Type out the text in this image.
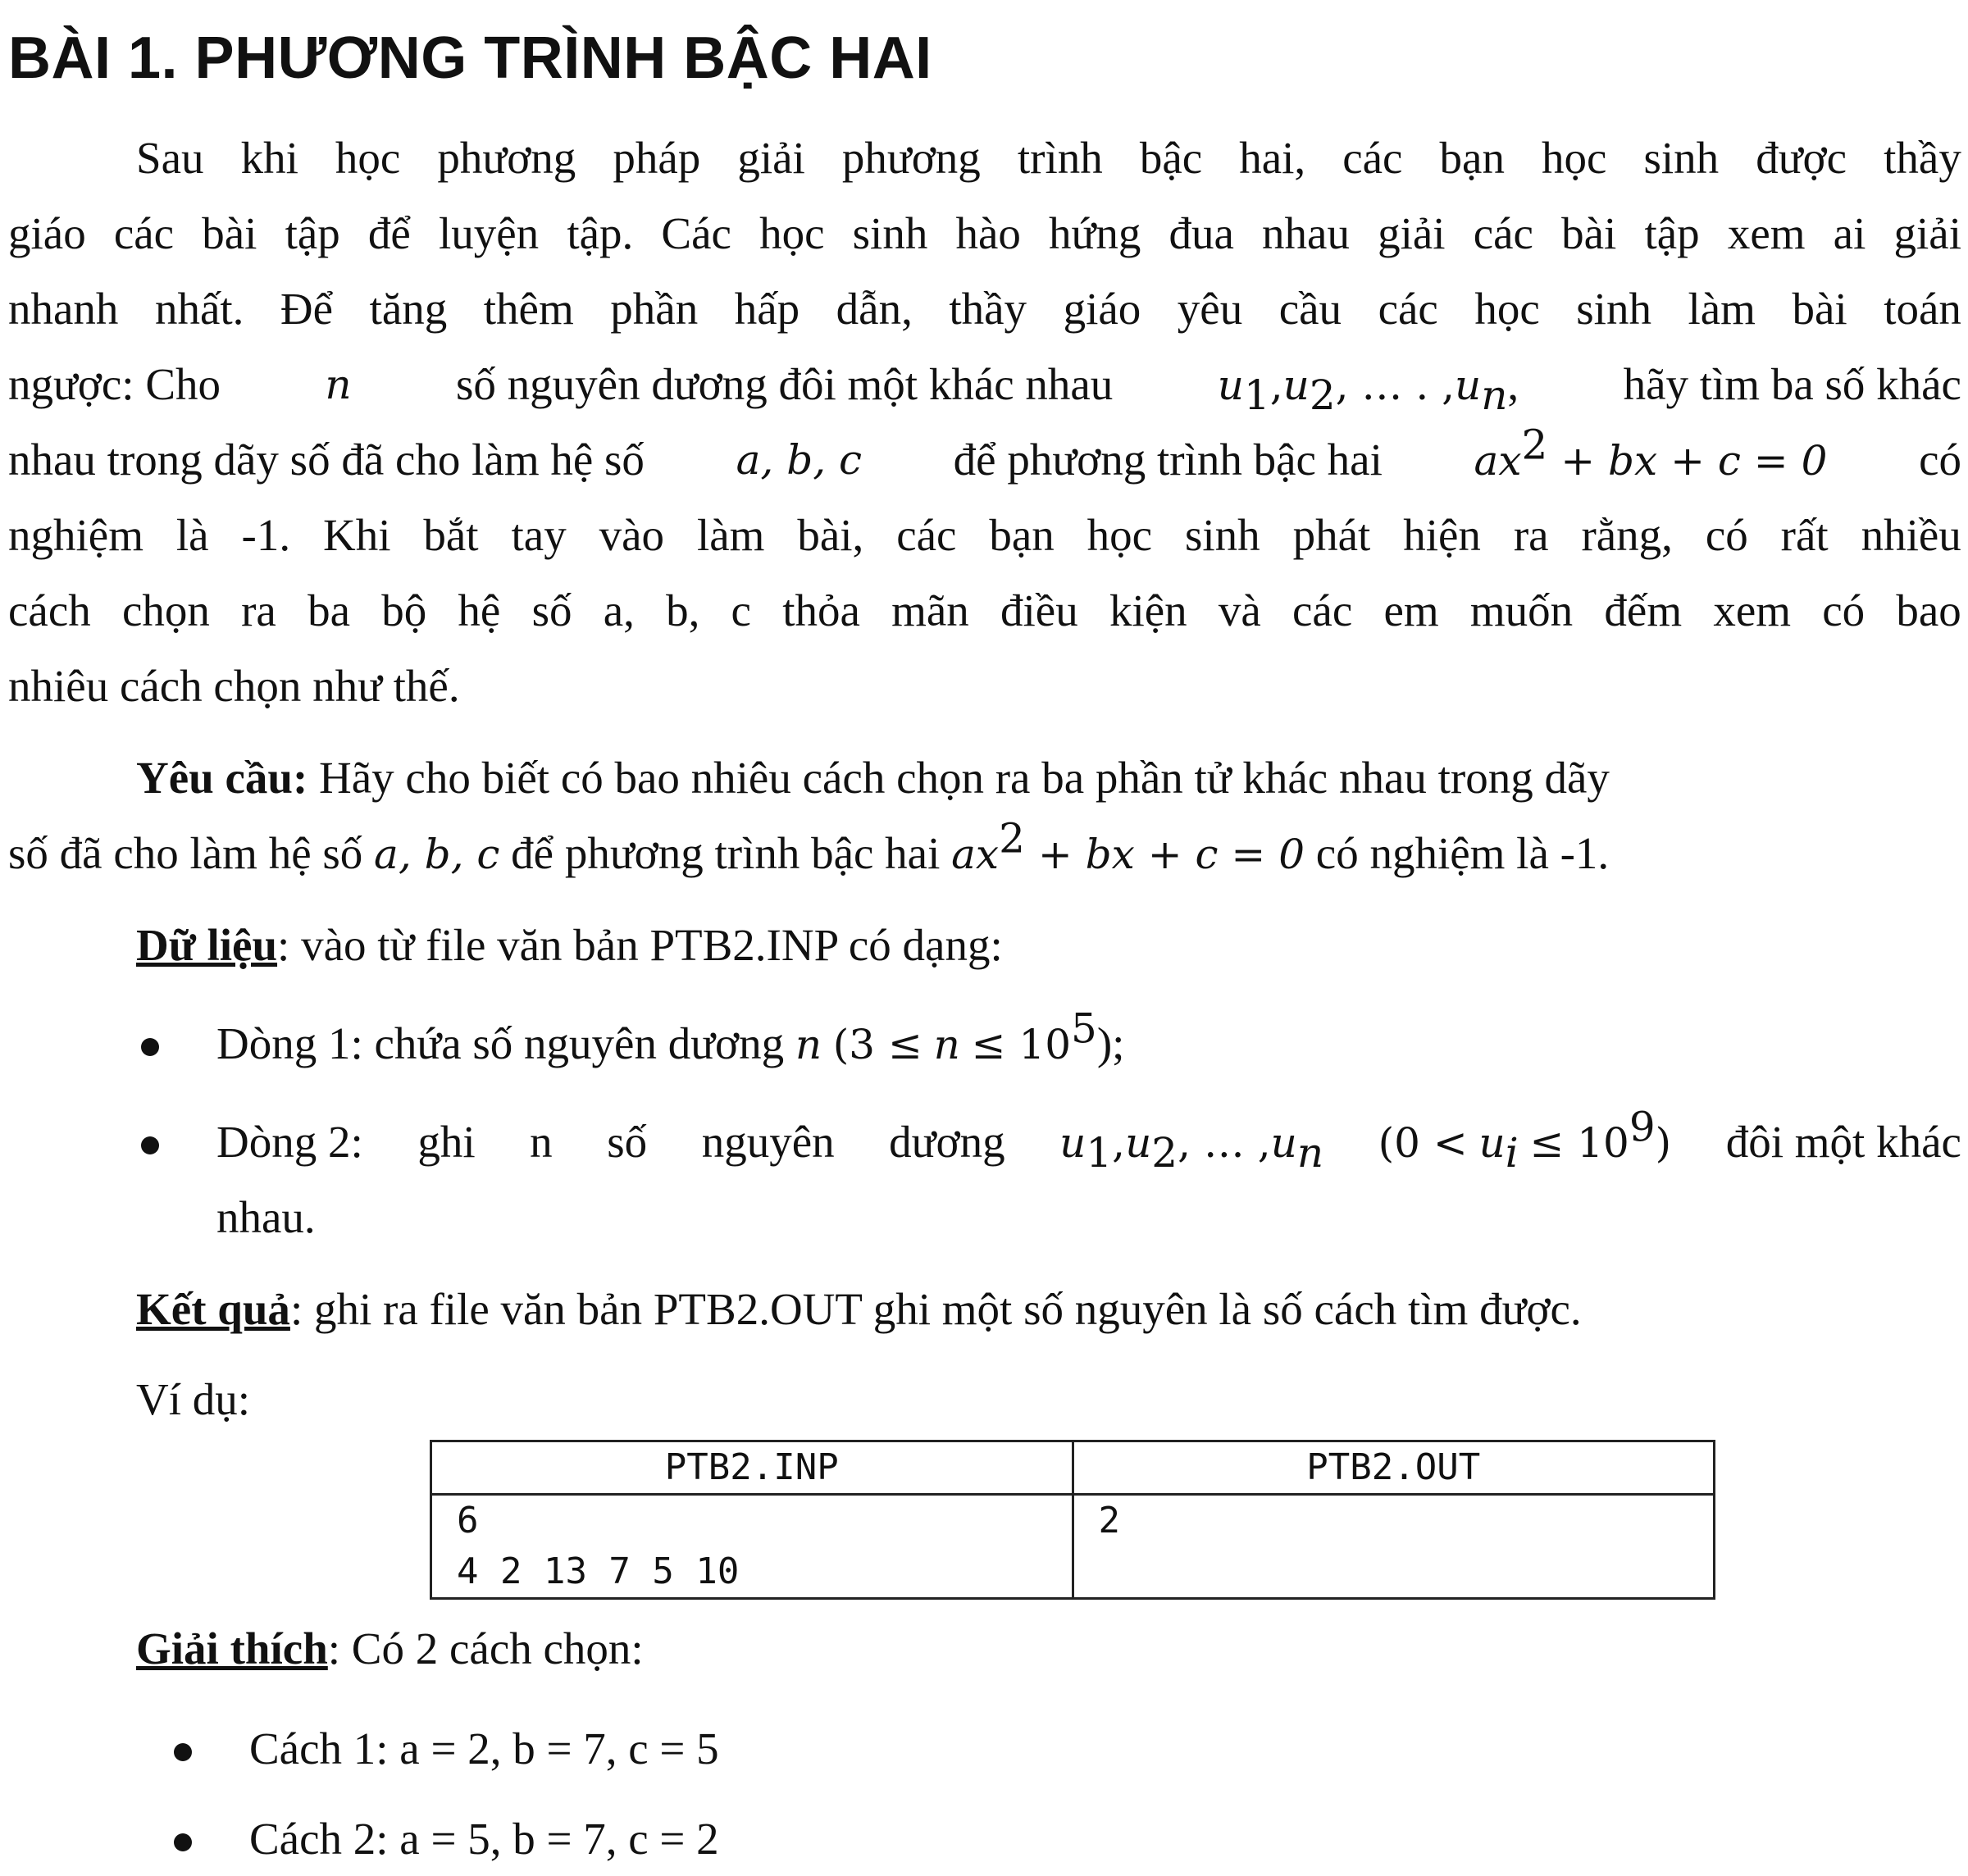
BÀI 1. PHƯƠNG TRÌNH BẬC HAI
Sau khi học phương pháp giải phương trình bậc hai, các bạn học sinh được thầy
giáo các bài tập để luyện tập. Các học sinh hào hứng đua nhau giải các bài tập xem ai giải
nhanh nhất. Để tăng thêm phần hấp dẫn, thầy giáo yêu cầu các học sinh làm bài toán
ngược: Cho	n số nguyên dương đôi một khác nhau	$u_1,u_2$, … . $,u_n$, hãy tìm ba số khác
nhau trong dãy số đã cho làm hệ số a, b, c để phương trình bậc hai $ax^2$ + bx + c = 0 có
nghiệm là -1. Khi bắt tay vào làm bài, các bạn học sinh phát hiện ra rằng, có rất nhiều
cách chọn ra ba bộ hệ số a, b, c thỏa mãn điều kiện và các em muốn đếm xem có bao
nhiêu cách chọn như thế.
Yêu cầu: Hãy cho biết có bao nhiêu cách chọn ra ba phần tử khác nhau trong dãy
số đã cho làm hệ số a, b, c để phương trình bậc hai $ax^2$ + bx + c = 0 có nghiệm là -1.
Dữ liệu: vào từ file văn bản PTB2.INP có dạng:
Dòng 1: chứa số nguyên dương n $(3 \le n \le 10^5)$;
Dòng 2: ghi n số nguyên dương $u_1,u_2$, … $,u_n$ $(0 < u_i \le 10^9)$ đôi một khác
nhau.
Kết quả: ghi ra file văn bản PTB2.OUT ghi một số nguyên là số cách tìm được.
Ví dụ:
PTB2.INP	PTB2.OUT

6
4 2 13 7 5 10	2
Giải thích: Có 2 cách chọn:
Cách 1: a = 2, b = 7, c = 5
Cách 2: a = 5, b = 7, c = 2
